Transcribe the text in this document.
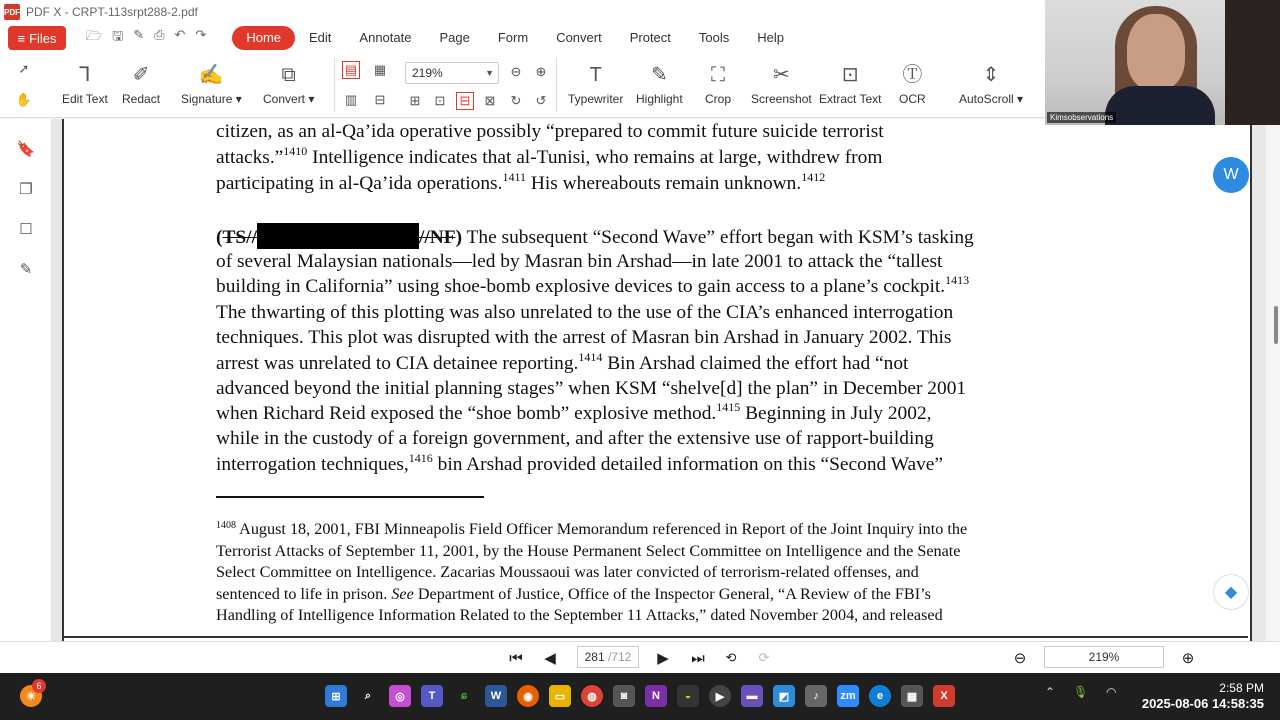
PDF PDF X - CRPT-113srpt288-2.pdf
≡ Files 🗁 🖫 ✎ ⎙ ↶ ↷	Home	Edit	Annotate	Page	Form	Convert	Protect	Tools	Help
➚
✋
Ꞁ
Edit Text
✐
Redact
✍
Signature ▾
⧉
Convert ▾
▤ ▦
▥ ⊟
219%	▼ ⊖ ⊕
⊞ ⊡ ⊟ ⊠ ↻ ↺
T
Typewriter
✎
Highlight
⛶
Crop
✂
Screenshot
⊡
Extract Text
Ⓣ
OCR
⇕
AutoScroll ▾
🔖
❐
☐
✎
citizen, as an al-Qa’ida operative possibly “prepared to commit future suicide terrorist
attacks.”$^{1410}$ Intelligence indicates that al-Tunisi, who remains at large, withdrew from
participating in al-Qa’ida operations.$^{1411}$ His whereabouts remain unknown.$^{1412}$
(TS//	//NF) The subsequent “Second Wave” effort began with KSM’s tasking
of several Malaysian nationals—led by Masran bin Arshad—in late 2001 to attack the “tallest
building in California” using shoe-bomb explosive devices to gain access to a plane’s cockpit.$^{1413}$
The thwarting of this plotting was also unrelated to the use of the CIA’s enhanced interrogation
techniques. This plot was disrupted with the arrest of Masran bin Arshad in January 2002. This
arrest was unrelated to CIA detainee reporting.$^{1414}$ Bin Arshad claimed the effort had “not
advanced beyond the initial planning stages” when KSM “shelve[d] the plan” in December 2001
when Richard Reid exposed the “shoe bomb” explosive method.$^{1415}$ Beginning in July 2002,
while in the custody of a foreign government, and after the extensive use of rapport-building
interrogation techniques,$^{1416}$ bin Arshad provided detailed information on this “Second Wave”
$^{1408}$ August 18, 2001, FBI Minneapolis Field Officer Memorandum referenced in Report of the Joint Inquiry into the
Terrorist Attacks of September 11, 2001, by the House Permanent Select Committee on Intelligence and the Senate
Select Committee on Intelligence. Zacarias Moussaoui was later convicted of terrorism-related offenses, and
sentenced to life in prison. See Department of Justice, Office of the Inspector General, “A Review of the FBI’s
Handling of Intelligence Information Related to the September 11 Attacks,” dated November 2004, and released
W
◆
⏮	◀	281 /712	▶	⏭	⟲	⟳	⊖	219%	⊕
☀
6
⊞	⌕	◎	T	ɕ	W	◉	▭	◍	◙	N	◒	▶	▬	◩	♪	zm	e	▦	X	⌃ 🎙 ◠	2:58 PM
2025-08-06 14:58:35
Kimsobservations
